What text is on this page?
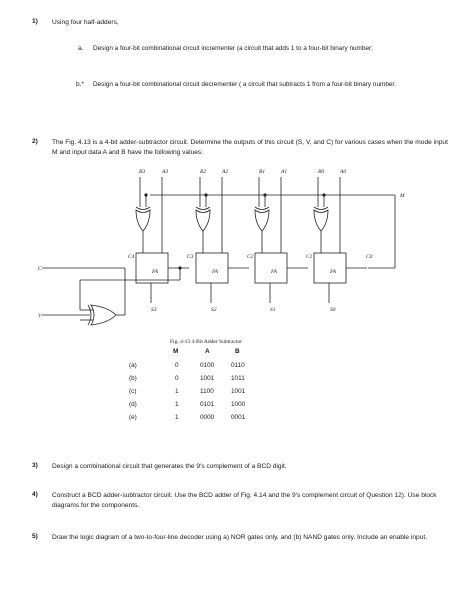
1) Using four half-adders,
a. Design a four-bit combinational circuit incrementer (a circuit that adds 1 to a four-bit binary number;
b.* Design a four-bit combinational circuit decrementer ( a circuit that subtracts 1 from a four-bit binary number.
2) The Fig. 4.13 is a 4-bit adder-subtractor circuit. Determine the outputs of this circuit (S, V, and C) for various cases when the mode input M and input data A and B have the following values:
M
C
V
B3	A3	B2	A2	B1	A1	B0	A0
FA	FA	FA	FA
C4	C3	C2	C1	C0
S3	S2	S1	S0
Fig. 4-13 4-Bit Adder Subtractor
M	A	B
(a)	0	0100	0110
(b)	0	1001	1011
(c)	1	1100	1001
(d)	1	0101	1000
(e)	1	0000	0001
3) Design a combinational circuit that generates the 9's complement of a BCD digit.
4) Construct a BCD adder-subtractor circuit. Use the BCD adder of Fig. 4.14 and the 9's complement circuit of Question 12). Use block diagrams for the components.
5) Draw the logic diagram of a two-to-four-line decoder using a) NOR gates only, and (b) NAND gates only. Include an enable input.
